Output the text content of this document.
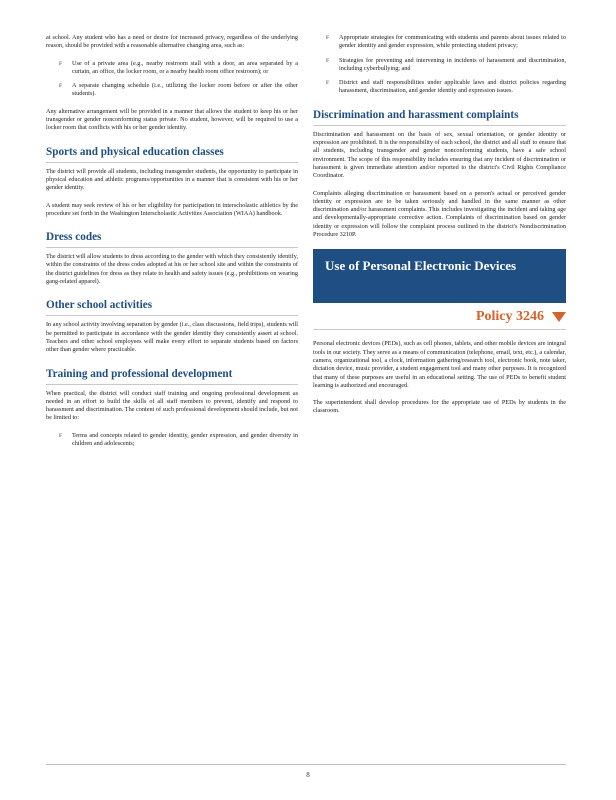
at school. Any student who has a need or desire for increased privacy, regardless of the underlying reason, should be provided with a reasonable alternative changing area, such as:

F Use of a private area (e.g., nearby restroom stall with a door, an area separated by a curtain, an office, the locker room, or a nearby health room office restroom); or
F A separate changing schedule (i.e., utilizing the locker room before or after the other students).

Any alternative arrangement will be provided in a manner that allows the student to keep his or her transgender or gender nonconforming status private. No student, however, will be required to use a locker room that conflicts with his or her gender identity.

Sports and physical education classes

The district will provide all students, including transgender students, the opportunity to participate in physical education and athletic programs/opportunities in a manner that is consistent with his or her gender identity.

A student may seek review of his or her eligibility for participation in interscholastic athletics by the procedure set forth in the Washington Interscholastic Activities Association (WIAA) handbook.

Dress codes

The district will allow students to dress according to the gender with which they consistently identify, within the constraints of the dress codes adopted at his or her school site and within the constraints of the district guidelines for dress as they relate to health and safety issues (e.g., prohibitions on wearing gang-related apparel).

Other school activities

In any school activity involving separation by gender (i.e., class discussions, field trips), students will be permitted to participate in accordance with the gender identity they consistently assert at school. Teachers and other school employees will make every effort to separate students based on factors other than gender where practicable.

Training and professional development

When practical, the district will conduct staff training and ongoing professional development as needed in an effort to build the skills of all staff members to prevent, identify and respond to harassment and discrimination. The content of such professional development should include, but not be limited to:

F Terms and concepts related to gender identity, gender expression, and gender diversity in children and adolescents;
F Appropriate strategies for communicating with students and parents about issues related to gender identity and gender expression, while protecting student privacy;
F Strategies for preventing and intervening in incidents of harassment and discrimination, including cyberbullying; and
F District and staff responsibilities under applicable laws and district policies regarding harassment, discrimination, and gender identity and expression issues.
Discrimination and harassment complaints

Discrimination and harassment on the basis of sex, sexual orientation, or gender identity or expression are prohibited. It is the responsibility of each school, the district and all staff to ensure that all students, including transgender and gender nonconforming students, have a safe school environment. The scope of this responsibility includes ensuring that any incident of discrimination or harassment is given immediate attention and/or reported to the district's Civil Rights Compliance Coordinator.

Complaints alleging discrimination or harassment based on a person's actual or perceived gender identity or expression are to be taken seriously and handled in the same manner as other discrimination and/or harassment complaints. This includes investigating the incident and taking age and developmentally-appropriate corrective action. Complaints of discrimination based on gender identity or expression will follow the complaint process outlined in the district's Nondiscrimination Procedure 3210P.

Use of Personal Electronic Devices
Policy 3246

Personal electronic devices (PEDs), such as cell phones, tablets, and other mobile devices are integral tools in our society. They serve as a means of communication (telephone, email, text, etc.), a calendar, camera, organizational tool, a clock, information gathering/research tool, electronic book, note taker, dictation device, music provider, a student engagement tool and many other purposes. It is recognized that many of these purposes are useful in an educational setting. The use of PEDs to benefit student learning is authorized and encouraged.

The superintendent shall develop procedures for the appropriate use of PEDs by students in the classroom.

8
